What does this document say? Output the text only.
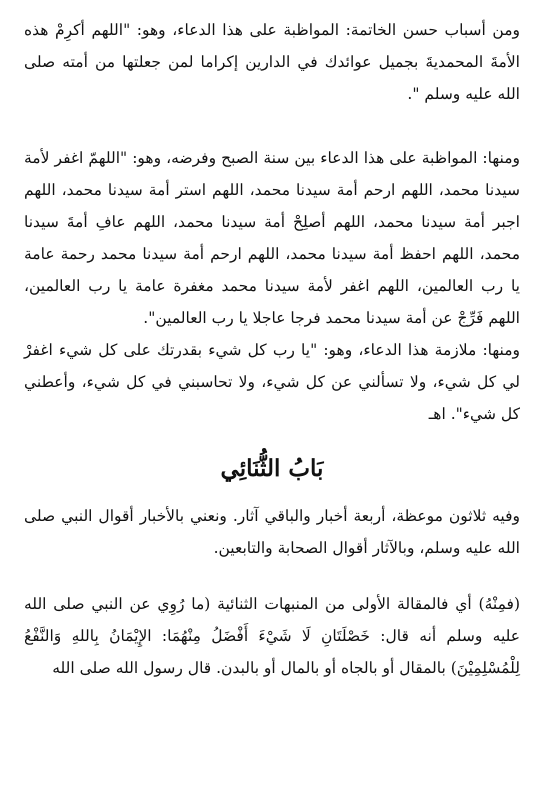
ومن أسباب حسن الخاتمة: المواظبة على هذا الدعاء، وهو: "اللهم أكرِمْ هذه الأمةَ المحمديةَ بجميل عوائدك في الدارين إكراما لمن جعلتها من أمته صلى الله عليه وسلم ".

ومنها: المواظبة على هذا الدعاء بين سنة الصبح وفرضه، وهو: "اللهمّ اغفر لأمة سيدنا محمد، اللهم ارحم أمة سيدنا محمد، اللهم استر أمة سيدنا محمد، اللهم اجبر أمة سيدنا محمد، اللهم أصلِحْ أمة سيدنا محمد، اللهم عافِ أمةَ سيدنا محمد، اللهم احفظ أمة سيدنا محمد، اللهم ارحم أمة سيدنا محمد رحمة عامة يا رب العالمين، اللهم اغفر لأمة سيدنا محمد مغفرة عامة يا رب العالمين، اللهم فَرِّجْ عن أمة سيدنا محمد فرجا عاجلا يا رب العالمين".

ومنها: ملازمة هذا الدعاء، وهو: "يا رب كل شيء بقدرتك على كل شيء اغفرْ لي كل شيء، ولا تسألني عن كل شيء، ولا تحاسبني في كل شيء، وأعطني كل شيء". اهـ

بَابُ الثُّنَائِي

وفيه ثلاثون موعظة، أربعة أخبار والباقي آثار. ونعني بالأخبار أقوال النبي صلى الله عليه وسلم، وبالآثار أقوال الصحابة والتابعين.

(فمِنْهُ) أي فالمقالة الأولى من المنبهات الثنائية (ما رُوِي عن النبي صلى الله عليه وسلم أنه قال: خَصْلَتَانِ لَا شَيْءَ أَفْضَلُ مِنْهُمَا: الإِيْمَانُ بِاللهِ وَالنَّفْعُ لِلْمُسْلِمِيْنَ) بالمقال أو بالجاه أو بالمال أو بالبدن. قال رسول الله صلى الله
